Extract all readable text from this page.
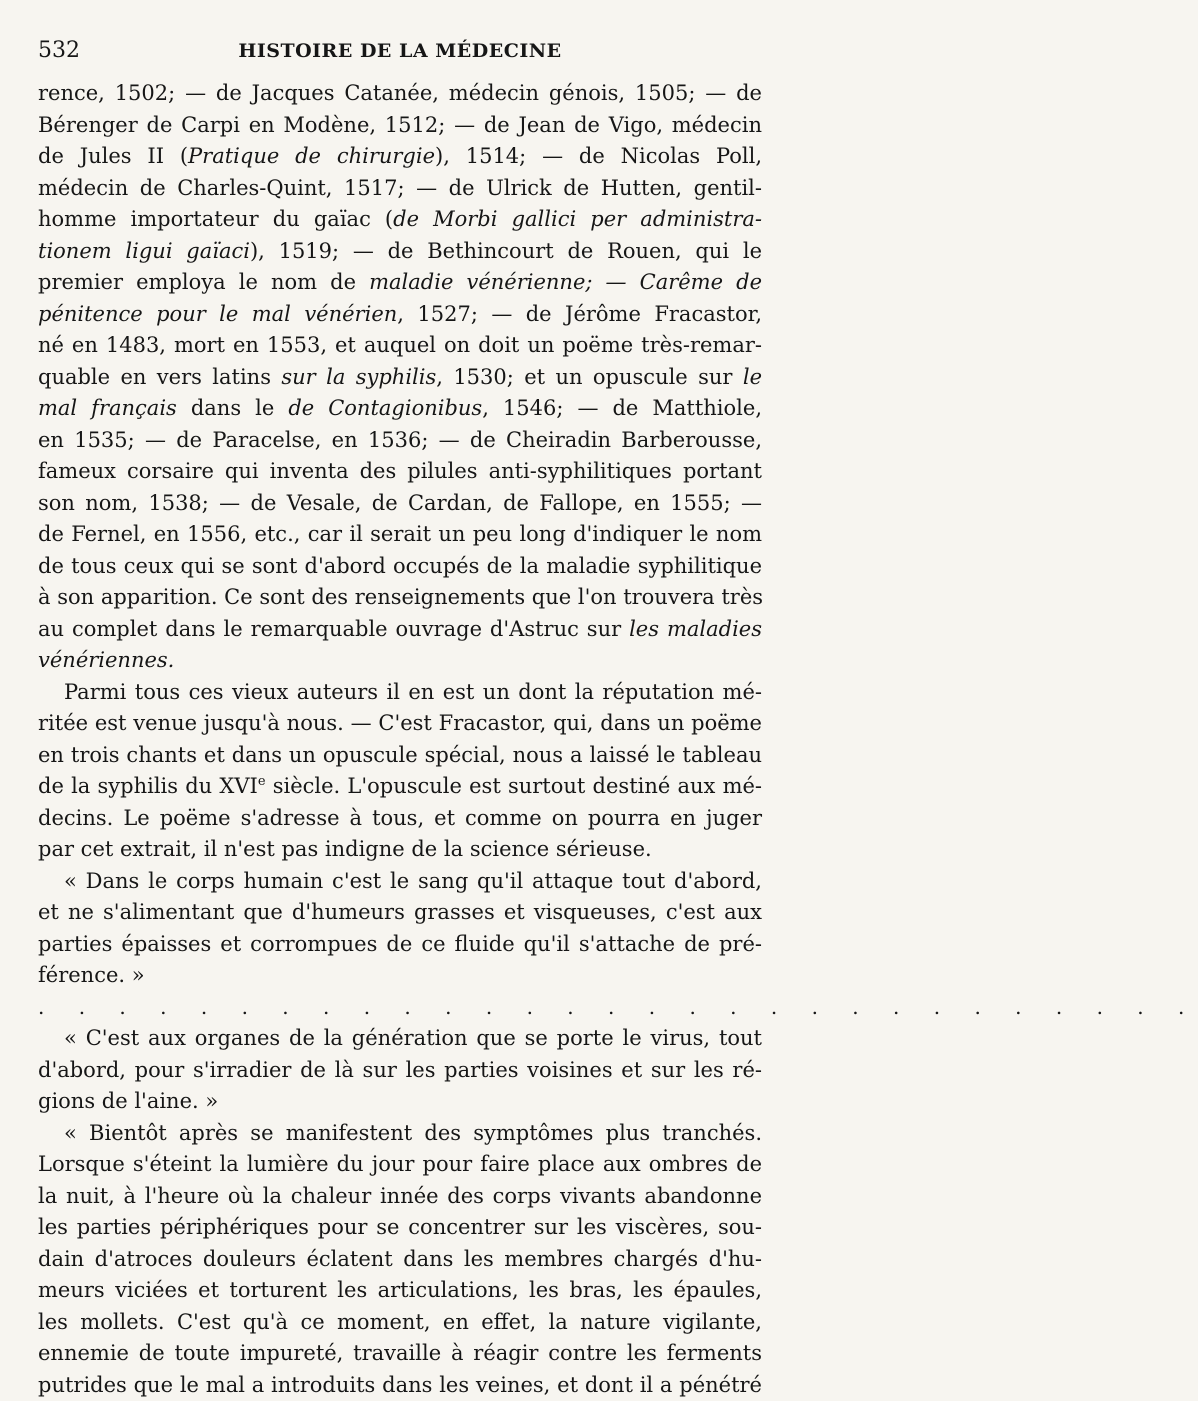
532	HISTOIRE DE LA MÉDECINE
rence, 1502; — de Jacques Catanée, médecin génois, 1505; — de
Bérenger de Carpi en Modène, 1512; — de Jean de Vigo, médecin
de Jules II (Pratique de chirurgie), 1514; — de Nicolas Poll,
médecin de Charles-Quint, 1517; — de Ulrick de Hutten, gentil-
homme importateur du gaïac (de Morbi gallici per administra-
tionem ligui gaïaci), 1519; — de Bethincourt de Rouen, qui le
premier employa le nom de maladie vénérienne; — Carême de
pénitence pour le mal vénérien, 1527; — de Jérôme Fracastor,
né en 1483, mort en 1553, et auquel on doit un poëme très-remar-
quable en vers latins sur la syphilis, 1530; et un opuscule sur le
mal français dans le de Contagionibus, 1546; — de Matthiole,
en 1535; — de Paracelse, en 1536; — de Cheiradin Barberousse,
fameux corsaire qui inventa des pilules anti-syphilitiques portant
son nom, 1538; — de Vesale, de Cardan, de Fallope, en 1555; —
de Fernel, en 1556, etc., car il serait un peu long d'indiquer le nom
de tous ceux qui se sont d'abord occupés de la maladie syphilitique
à son apparition. Ce sont des renseignements que l'on trouvera très
au complet dans le remarquable ouvrage d'Astruc sur les maladies
vénériennes.
Parmi tous ces vieux auteurs il en est un dont la réputation mé-
ritée est venue jusqu'à nous. — C'est Fracastor, qui, dans un poëme
en trois chants et dans un opuscule spécial, nous a laissé le tableau
de la syphilis du XVIe siècle. L'opuscule est surtout destiné aux mé-
decins. Le poëme s'adresse à tous, et comme on pourra en juger
par cet extrait, il n'est pas indigne de la science sérieuse.
« Dans le corps humain c'est le sang qu'il attaque tout d'abord,
et ne s'alimentant que d'humeurs grasses et visqueuses, c'est aux
parties épaisses et corrompues de ce fluide qu'il s'attache de pré-
férence. »
. . . . . . . . . . . . . . . . . . . . . . . . . . . . .
« C'est aux organes de la génération que se porte le virus, tout
d'abord, pour s'irradier de là sur les parties voisines et sur les ré-
gions de l'aine. »
« Bientôt après se manifestent des symptômes plus tranchés.
Lorsque s'éteint la lumière du jour pour faire place aux ombres de
la nuit, à l'heure où la chaleur innée des corps vivants abandonne
les parties périphériques pour se concentrer sur les viscères, sou-
dain d'atroces douleurs éclatent dans les membres chargés d'hu-
meurs viciées et torturent les articulations, les bras, les épaules,
les mollets. C'est qu'à ce moment, en effet, la nature vigilante,
ennemie de toute impureté, travaille à réagir contre les ferments
putrides que le mal a introduits dans les veines, et dont il a pénétré
